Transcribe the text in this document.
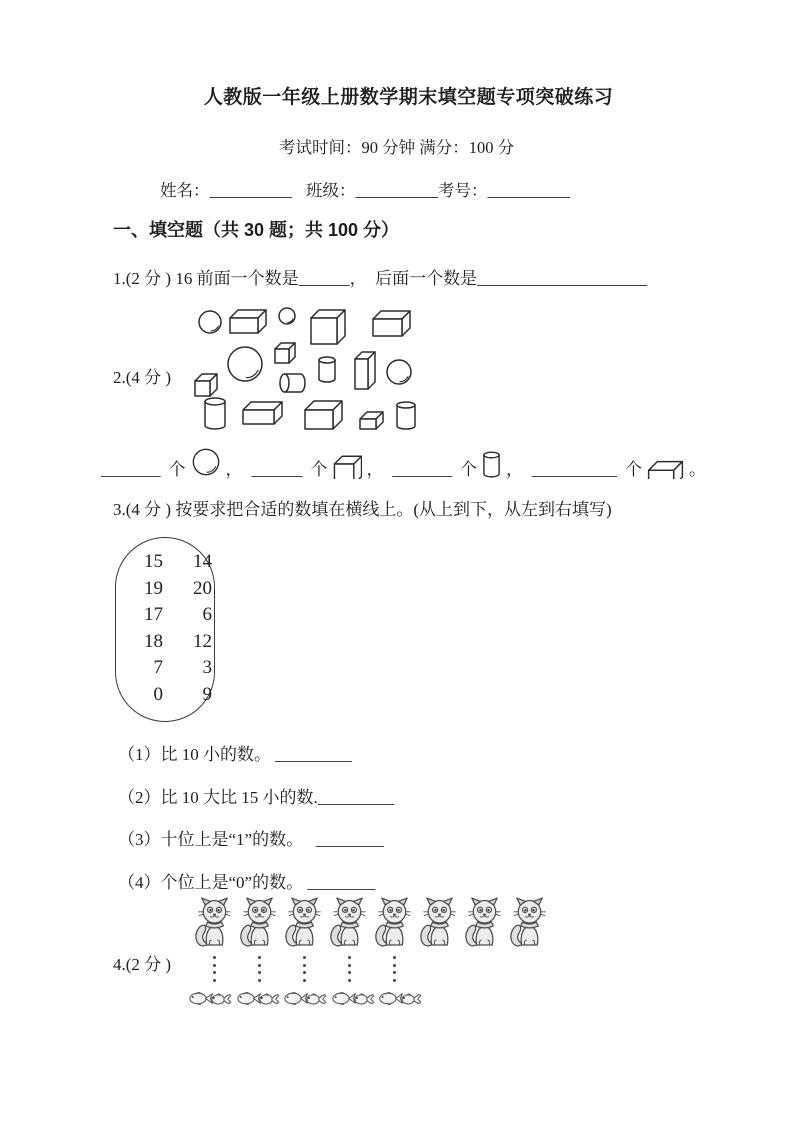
人教版一年级上册数学期末填空题专项突破练习
考试时间：90 分钟 满分：100 分
姓名：__________ 班级：__________考号：__________
一、填空题（共 30 题；共 100 分）
1.(2 分 ) 16 前面一个数是______，　后面一个数是____________________
2.(4 分 )
_______ 个 ， ______ 个 ， _______ 个 ， __________ 个	。
3.(4 分 ) 按要求把合适的数填在横线上。(从上到下，从左到右填写)
15 14
19 20
17 6
18 12
7 3
0 9
（1）比 10 小的数。 _________
（2）比 10 大比 15 小的数._________
（3）十位上是“1”的数。　 ________
（4）个位上是“0”的数。 ________
4.(2 分 )
